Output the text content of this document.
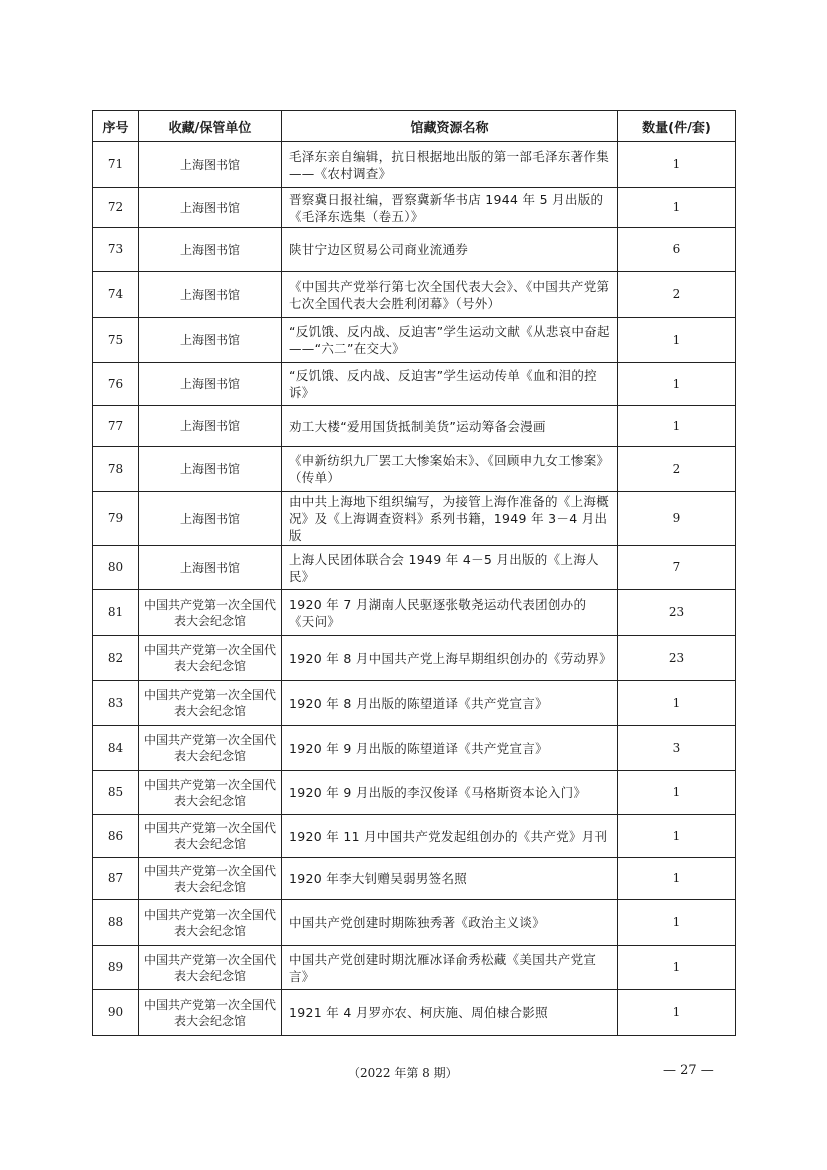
序号	收藏/保管单位	馆藏资源名称	数量(件/套)
71	上海图书馆	毛泽东亲自编辑，抗日根据地出版的第一部毛泽东著作集——《农村调查》	1
72	上海图书馆	晋察冀日报社编，晋察冀新华书店 1944 年 5 月出版的《毛泽东选集（卷五）》	1
73	上海图书馆	陕甘宁边区贸易公司商业流通券	6
74	上海图书馆	《中国共产党举行第七次全国代表大会》、《中国共产党第七次全国代表大会胜利闭幕》（号外）	2
75	上海图书馆	“反饥饿、反内战、反迫害”学生运动文献《从悲哀中奋起——“六二”在交大》	1
76	上海图书馆	“反饥饿、反内战、反迫害”学生运动传单《血和泪的控诉》	1
77	上海图书馆	劝工大楼“爱用国货抵制美货”运动筹备会漫画	1
78	上海图书馆	《申新纺织九厂罢工大惨案始末》、《回顾申九女工惨案》（传单）	2
79	上海图书馆	由中共上海地下组织编写，为接管上海作准备的《上海概况》及《上海调查资料》系列书籍，1949 年 3－4 月出版	9
80	上海图书馆	上海人民团体联合会 1949 年 4－5 月出版的《上海人民》	7
81	中国共产党第一次全国代表大会纪念馆	1920 年 7 月湖南人民驱逐张敬尧运动代表团创办的《天问》	23
82	中国共产党第一次全国代表大会纪念馆	1920 年 8 月中国共产党上海早期组织创办的《劳动界》	23
83	中国共产党第一次全国代表大会纪念馆	1920 年 8 月出版的陈望道译《共产党宣言》	1
84	中国共产党第一次全国代表大会纪念馆	1920 年 9 月出版的陈望道译《共产党宣言》	3
85	中国共产党第一次全国代表大会纪念馆	1920 年 9 月出版的李汉俊译《马格斯资本论入门》	1
86	中国共产党第一次全国代表大会纪念馆	1920 年 11 月中国共产党发起组创办的《共产党》月刊	1
87	中国共产党第一次全国代表大会纪念馆	1920 年李大钊赠吴弱男签名照	1
88	中国共产党第一次全国代表大会纪念馆	中国共产党创建时期陈独秀著《政治主义谈》	1
89	中国共产党第一次全国代表大会纪念馆	中国共产党创建时期沈雁冰译俞秀松藏《美国共产党宣言》	1
90	中国共产党第一次全国代表大会纪念馆	1921 年 4 月罗亦农、柯庆施、周伯棣合影照	1
（2022 年第 8 期）	— 27 —
